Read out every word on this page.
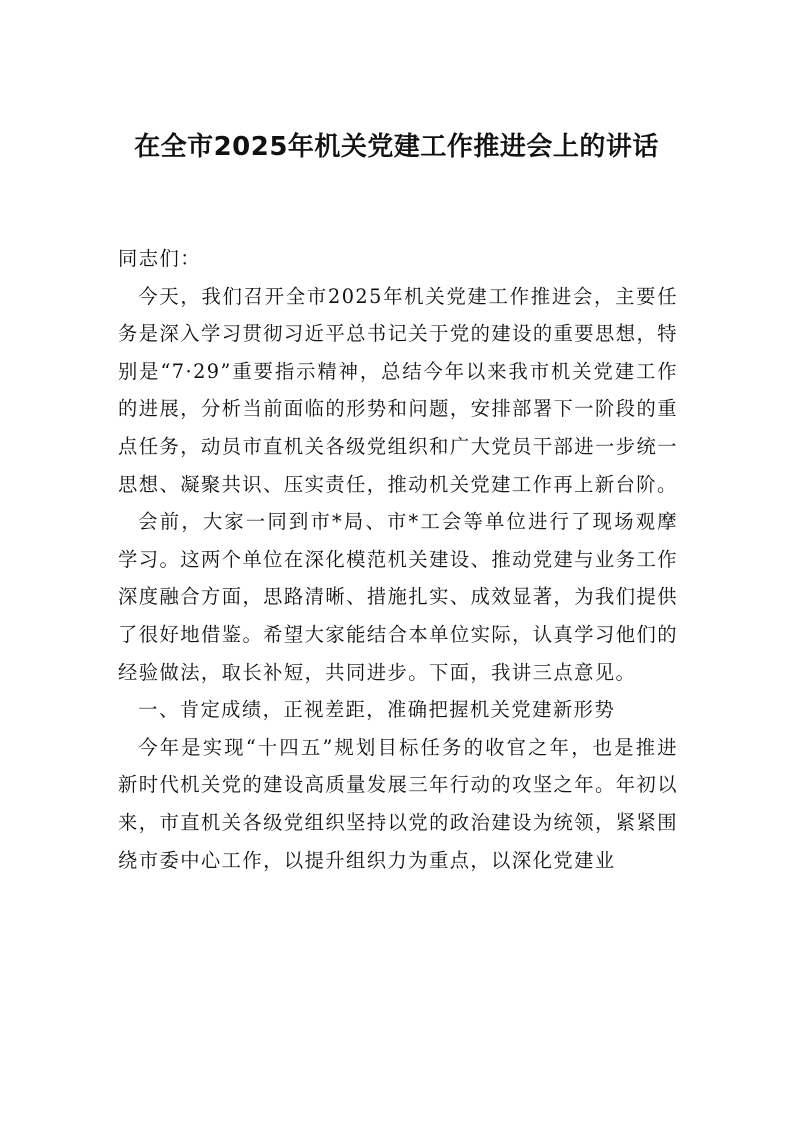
在全市2025年机关党建工作推进会上的讲话

同志们：

今天，我们召开全市2025年机关党建工作推进会，主要任务是深入学习贯彻习近平总书记关于党的建设的重要思想，特别是“7·29”重要指示精神，总结今年以来我市机关党建工作的进展，分析当前面临的形势和问题，安排部署下一阶段的重点任务，动员市直机关各级党组织和广大党员干部进一步统一思想、凝聚共识、压实责任，推动机关党建工作再上新台阶。

会前，大家一同到市*局、市*工会等单位进行了现场观摩学习。这两个单位在深化模范机关建设、推动党建与业务工作深度融合方面，思路清晰、措施扎实、成效显著，为我们提供了很好地借鉴。希望大家能结合本单位实际，认真学习他们的经验做法，取长补短，共同进步。下面，我讲三点意见。

一、肯定成绩，正视差距，准确把握机关党建新形势

今年是实现“十四五”规划目标任务的收官之年，也是推进新时代机关党的建设高质量发展三年行动的攻坚之年。年初以来，市直机关各级党组织坚持以党的政治建设为统领，紧紧围绕市委中心工作，以提升组织力为重点，以深化党建业
